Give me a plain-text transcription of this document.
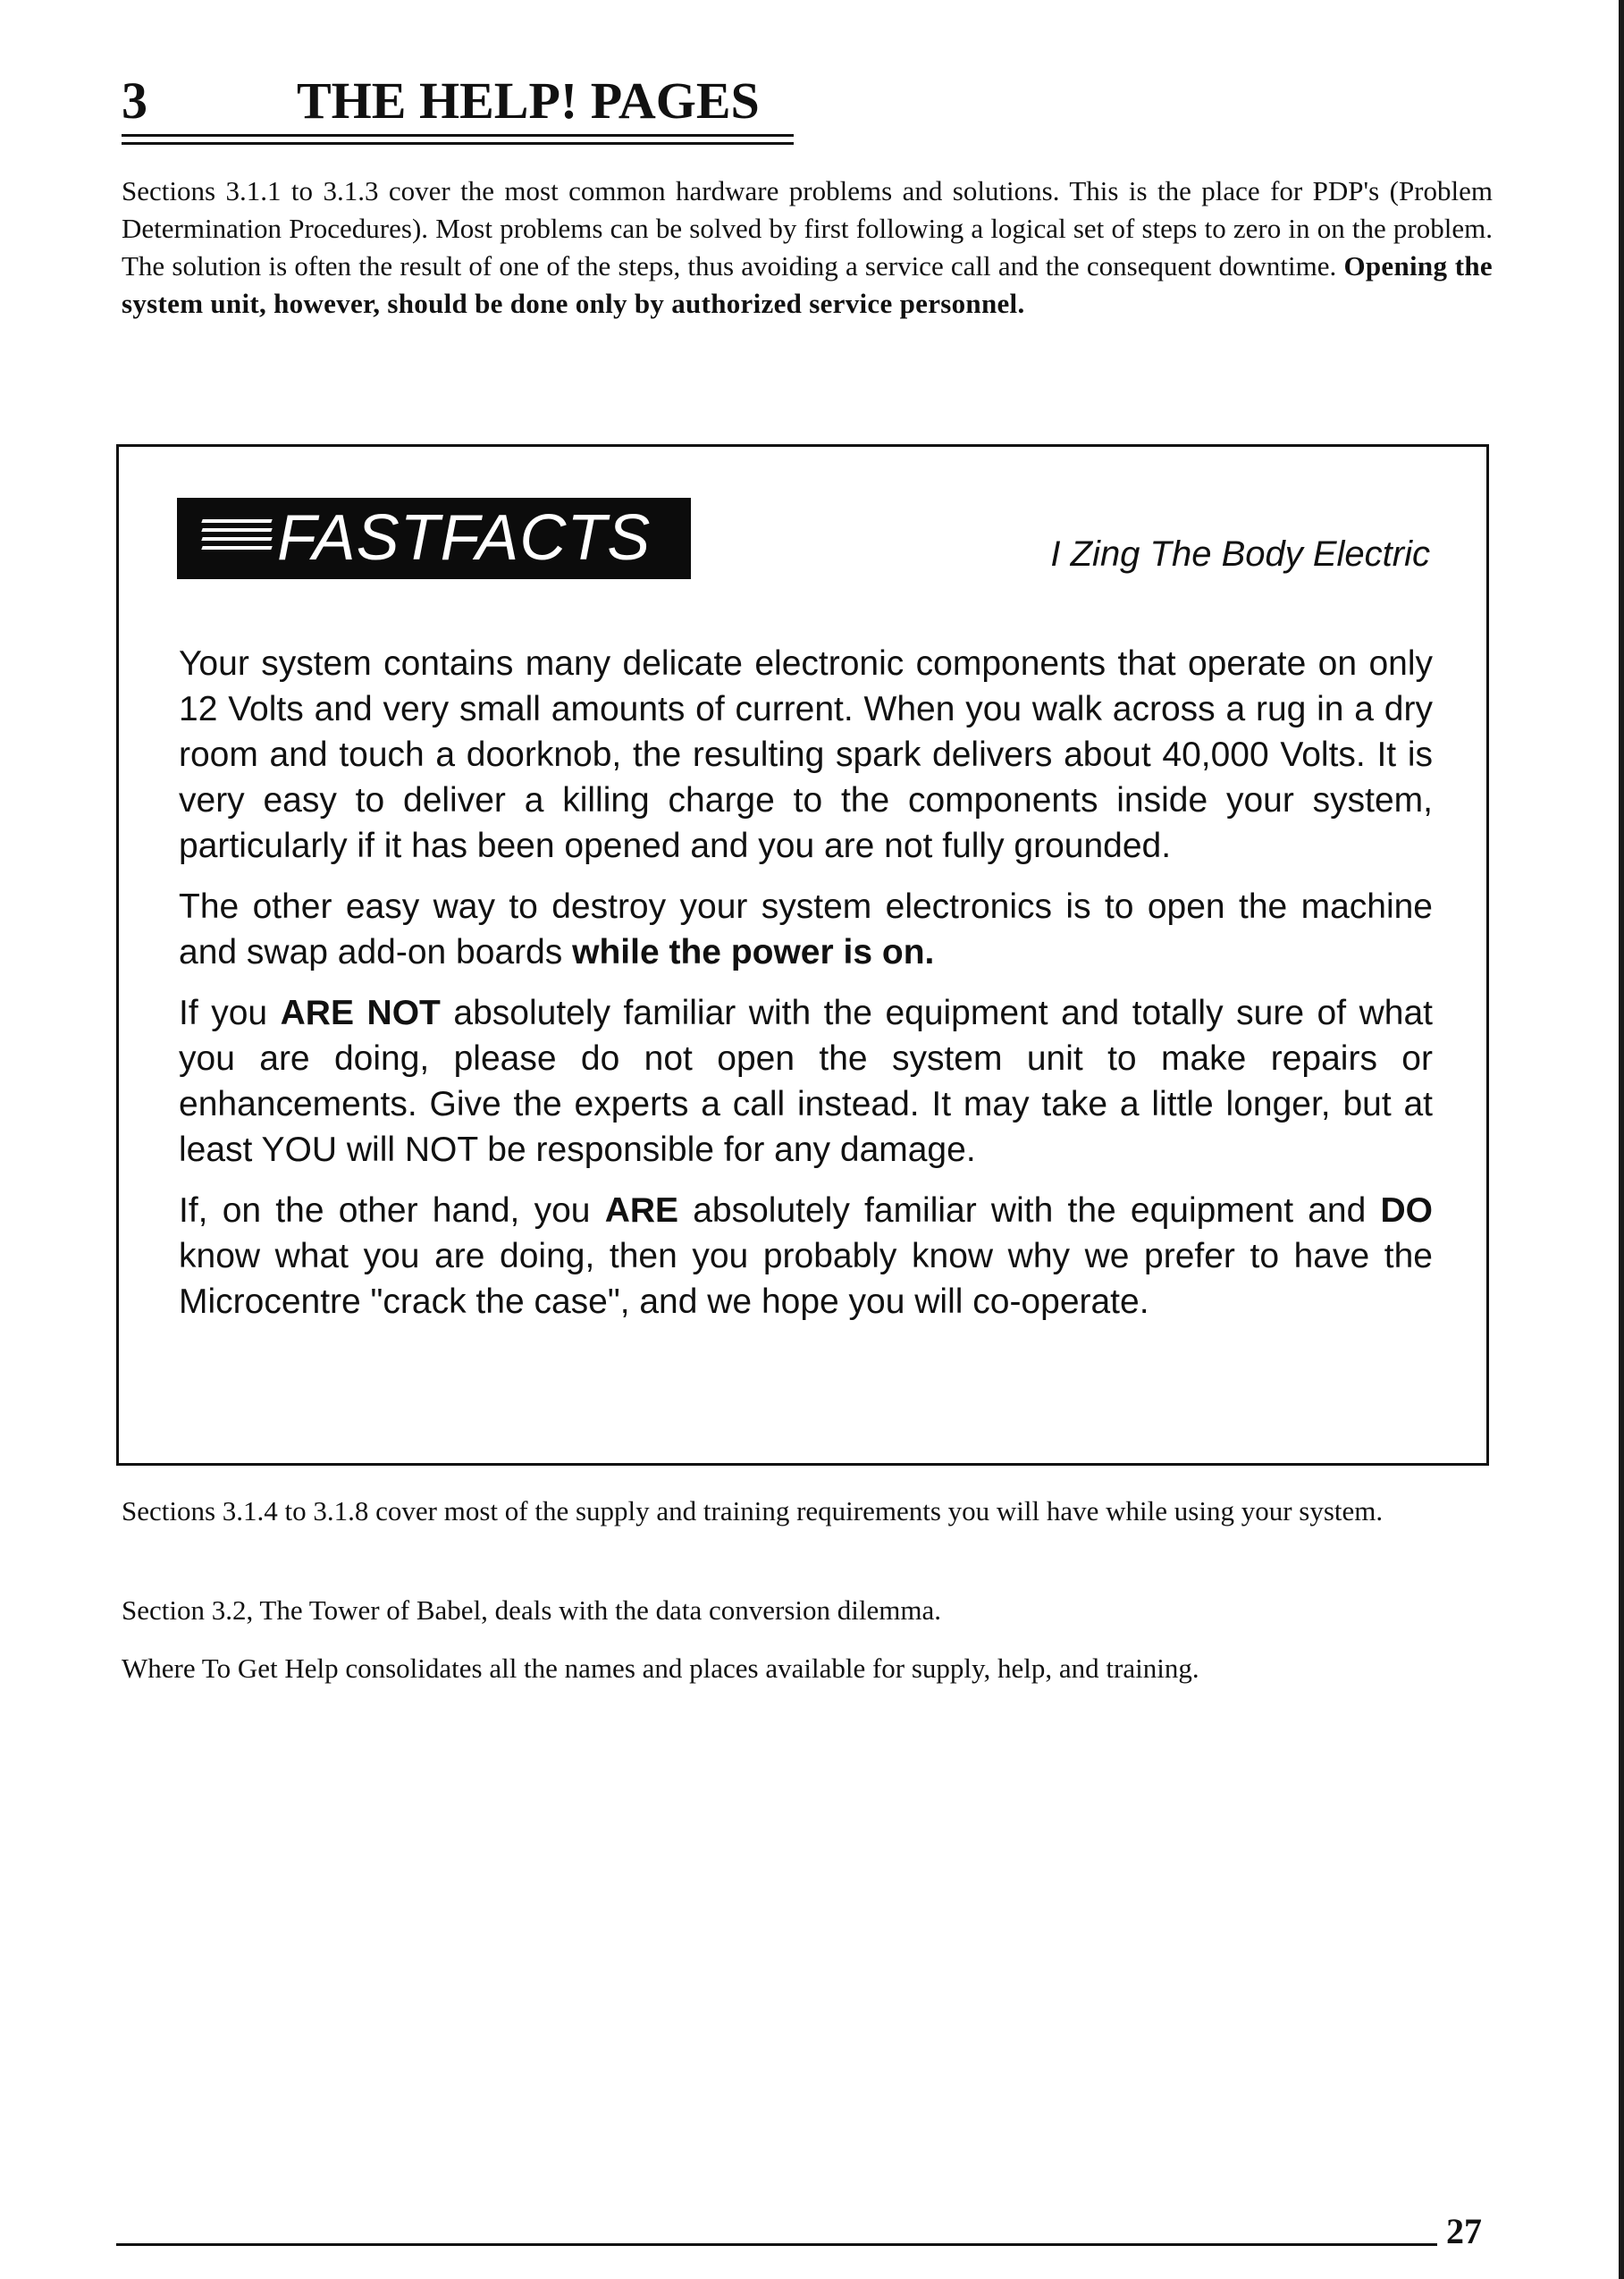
3	THE HELP! PAGES

Sections 3.1.1 to 3.1.3 cover the most common hardware problems and solutions. This is the place for PDP's (Problem Determination Procedures). Most problems can be solved by first following a logical set of steps to zero in on the problem. The solution is often the result of one of the steps, thus avoiding a service call and the consequent downtime. Opening the system unit, however, should be done only by authorized service personnel.

FASTFACTS	I Zing The Body Electric

Your system contains many delicate electronic components that operate on only 12 Volts and very small amounts of current. When you walk across a rug in a dry room and touch a doorknob, the resulting spark delivers about 40,000 Volts. It is very easy to deliver a killing charge to the components inside your system, particularly if it has been opened and you are not fully grounded.

The other easy way to destroy your system electronics is to open the machine and swap add-on boards while the power is on.

If you ARE NOT absolutely familiar with the equipment and totally sure of what you are doing, please do not open the system unit to make repairs or enhancements. Give the experts a call instead. It may take a little longer, but at least YOU will NOT be responsible for any damage.

If, on the other hand, you ARE absolutely familiar with the equipment and DO know what you are doing, then you probably know why we prefer to have the Microcentre "crack the case", and we hope you will co-operate.

Sections 3.1.4 to 3.1.8 cover most of the supply and training requirements you will have while using your system.

Section 3.2, The Tower of Babel, deals with the data conversion dilemma.

Where To Get Help consolidates all the names and places available for supply, help, and training.

27
